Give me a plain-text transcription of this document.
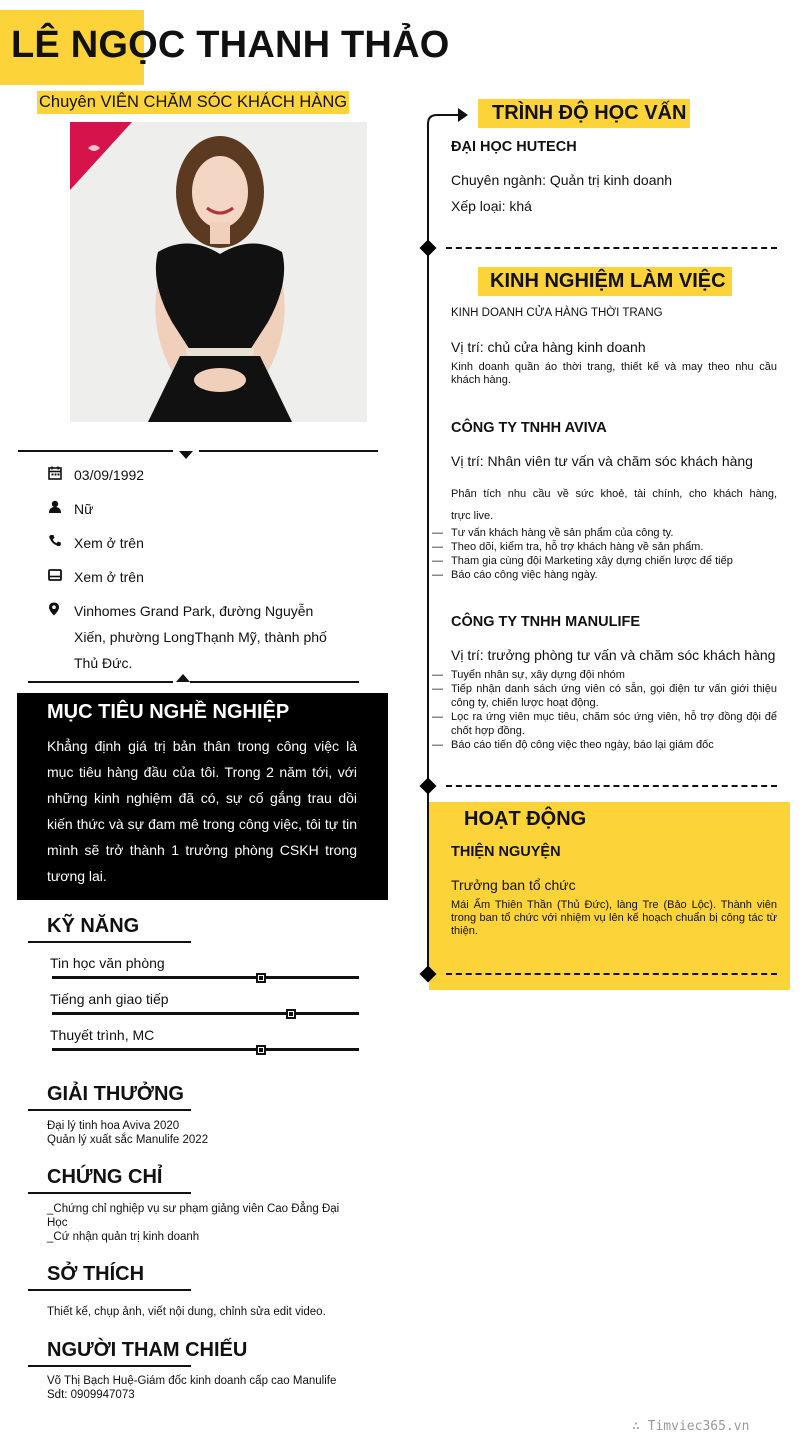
LÊ NGỌC THANH THẢO
Chuyên VIÊN CHĂM SÓC KHÁCH HÀNG
03/09/1992
Nữ
Xem ở trên
Xem ở trên
Vinhomes Grand Park, đường Nguyễn
Xiến, phường LongThạnh Mỹ, thành phố
Thủ Đức.
MỤC TIÊU NGHỀ NGHIỆP
Khẳng định giá trị bản thân trong công việc là mục tiêu hàng đầu của tôi. Trong 2 năm tới, với những kinh nghiệm đã có, sự cố gắng trau dồi kiến thức và sự đam mê trong công việc, tôi tự tin mình sẽ trở thành 1 trưởng phòng CSKH trong tương lai.
KỸ NĂNG
Tin học văn phòng
Tiếng anh giao tiếp
Thuyết trình, MC
GIẢI THƯỞNG
Đại lý tinh hoa Aviva 2020
Quản lý xuất sắc Manulife 2022
CHỨNG CHỈ
_Chứng chỉ nghiệp vụ sư phạm giảng viên Cao Đẳng Đại
Học
_Cứ nhận quản trị kinh doanh
SỞ THÍCH
Thiết kế, chụp ảnh, viết nội dung, chỉnh sửa edit video.
NGƯỜI THAM CHIẾU
Võ Thị Bạch Huệ-Giám đốc kinh doanh cấp cao Manulife
Sdt: 0909947073
TRÌNH ĐỘ HỌC VẤN
ĐẠI HỌC HUTECH
Chuyên ngành: Quản trị kinh doanh
Xếp loại: khá
KINH NGHIỆM LÀM VIỆC
KINH DOANH CỬA HÀNG THỜI TRANG
Vị trí: chủ cửa hàng kinh doanh
Kinh doanh quần áo thời trang, thiết kế và may theo nhu cầu khách hàng.
CÔNG TY TNHH AVIVA
Vị trí: Nhân viên tư vấn và chăm sóc khách hàng
Phân tích nhu cầu về sức khoẻ, tài chính, cho khách hàng,
trực live.
— Tư vấn khách hàng về sản phẩm của công ty.
— Theo dõi, kiểm tra, hỗ trợ khách hàng về sản phẩm.
— Tham gia cùng đội Marketing xây dựng chiến lược để tiếp
— Báo cáo công việc hàng ngày.
CÔNG TY TNHH MANULIFE
Vị trí: trưởng phòng tư vấn và chăm sóc khách hàng
— Tuyển nhân sự, xây dựng đội nhóm
— Tiếp nhận danh sách ứng viên có sẵn, gọi điện tư vấn giới thiệu công ty, chiến lược hoạt động.
— Lọc ra ứng viên mục tiêu, chăm sóc ứng viên, hỗ trợ đồng đội để chốt hợp đồng.
— Báo cáo tiến độ công việc theo ngày, báo lại giám đốc
HOẠT ĐỘNG
THIỆN NGUYỆN
Trưởng ban tổ chức
Mái Ấm Thiên Thần (Thủ Đức), làng Tre (Bảo Lộc). Thành viên trong ban tổ chức với nhiệm vụ lên kế hoạch chuẩn bị công tác từ thiện.
∴ Timviec365.vn
